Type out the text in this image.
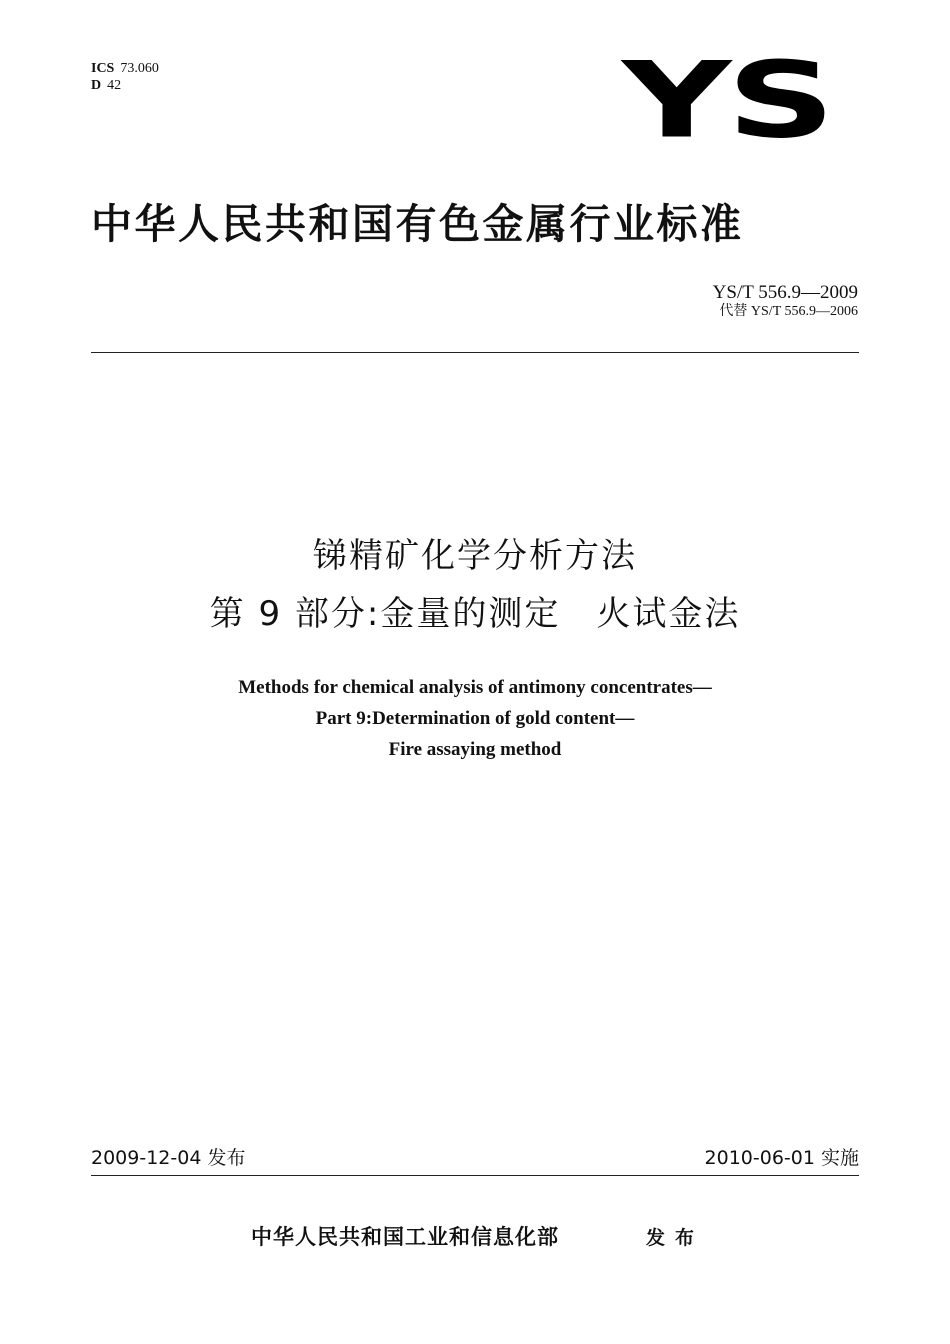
ICS 73.060
D 42	YS
中华人民共和国有色金属行业标准
YS/T 556.9—2009
代替 YS/T 556.9—2006
锑精矿化学分析方法
第 9 部分:金量的测定　火试金法
Methods for chemical analysis of antimony concentrates—
Part 9:Determination of gold content—
Fire assaying method
2009-12-04 发布	2010-06-01 实施
中华人民共和国工业和信息化部	发布
